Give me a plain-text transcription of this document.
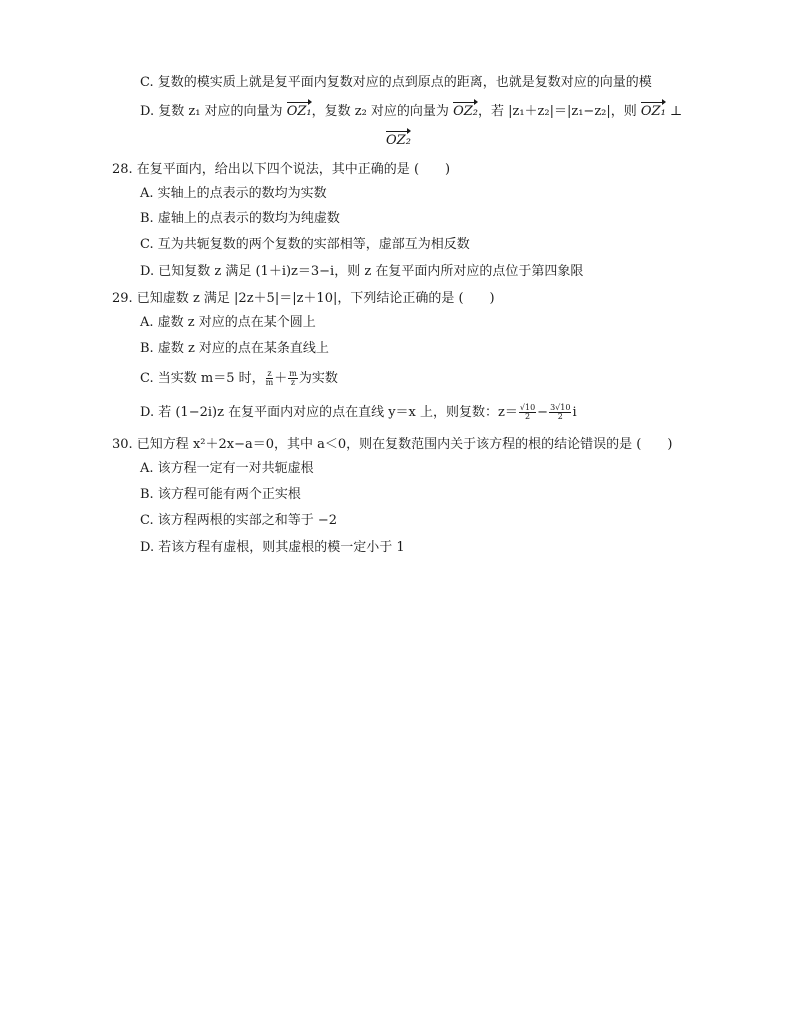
C. 复数的模实质上就是复平面内复数对应的点到原点的距离，也就是复数对应的向量的模
D. 复数 z₁ 对应的向量为 OZ₁，复数 z₂ 对应的向量为 OZ₂，若 |z₁＋z₂|＝|z₁−z₂|，则 OZ₁ ⊥
OZ₂
28. 在复平面内，给出以下四个说法，其中正确的是 (　　)
A. 实轴上的点表示的数均为实数
B. 虚轴上的点表示的数均为纯虚数
C. 互为共轭复数的两个复数的实部相等，虚部互为相反数
D. 已知复数 z 满足 (1＋i)z＝3−i，则 z 在复平面内所对应的点位于第四象限
29. 已知虚数 z 满足 |2z＋5|＝|z＋10|，下列结论正确的是 (　　)
A. 虚数 z 对应的点在某个圆上
B. 虚数 z 对应的点在某条直线上
C. 当实数 m＝5 时， $\frac{z}{m} + \frac{m}{z}$ 为实数
D. 若 (1−2i)z 在复平面内对应的点在直线 y＝x 上，则复数：$z= \frac{√10}{2} - \frac{3√10}{2}$ i
30. 已知方程 x²＋2x−a＝0，其中 a＜0，则在复数范围内关于该方程的根的结论错误的是 (　　)
A. 该方程一定有一对共轭虚根
B. 该方程可能有两个正实根
C. 该方程两根的实部之和等于 −2
D. 若该方程有虚根，则其虚根的模一定小于 1
